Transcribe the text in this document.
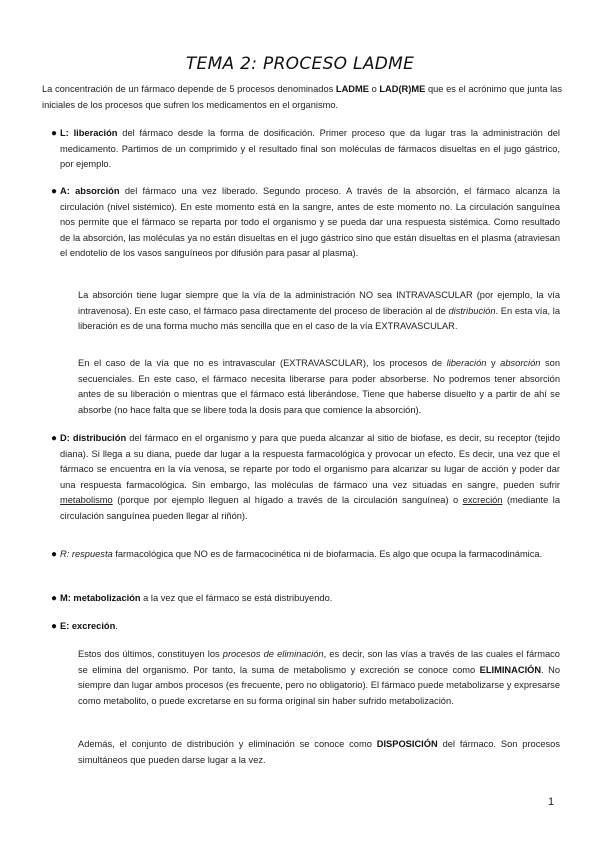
TEMA 2: PROCESO LADME

La concentración de un fármaco depende de 5 procesos denominados LADME o LAD(R)ME que es el acrónimo que junta las iniciales de los procesos que sufren los medicamentos en el organismo.

● L: liberación del fármaco desde la forma de dosificación. Primer proceso que da lugar tras la administración del medicamento. Partimos de un comprimido y el resultado final son moléculas de fármacos disueltas en el jugo gástrico, por ejemplo.

● A: absorción del fármaco una vez liberado. Segundo proceso. A través de la absorción, el fármaco alcanza la circulación (nivel sistémico). En este momento está en la sangre, antes de este momento no. La circulación sanguínea nos permite que el fármaco se reparta por todo el organismo y se pueda dar una respuesta sistémica. Como resultado de la absorción, las moléculas ya no están disueltas en el jugo gástrico sino que están disueltas en el plasma (atraviesan el endotelio de los vasos sanguíneos por difusión para pasar al plasma).

La absorción tiene lugar siempre que la vía de la administración NO sea INTRAVASCULAR (por ejemplo, la vía intravenosa). En este caso, el fármaco pasa directamente del proceso de liberación al de distribución. En esta vía, la liberación es de una forma mucho más sencilla que en el caso de la vía EXTRAVASCULAR.

En el caso de la vía que no es intravascular (EXTRAVASCULAR), los procesos de liberación y absorción son secuenciales. En este caso, el fármaco necesita liberarse para poder absorberse. No podremos tener absorción antes de su liberación o mientras que el fármaco está liberándose. Tiene que haberse disuelto y a partir de ahí se absorbe (no hace falta que se libere toda la dosis para que comience la absorción).

● D: distribución del fármaco en el organismo y para que pueda alcanzar al sitio de biofase, es decir, su receptor (tejido diana). Si llega a su diana, puede dar lugar a la respuesta farmacológica y provocar un efecto. Es decir, una vez que el fármaco se encuentra en la vía venosa, se reparte por todo el organismo para alcanzar su lugar de acción y poder dar una respuesta farmacológica. Sin embargo, las moléculas de fármaco una vez situadas en sangre, pueden sufrir metabolismo (porque por ejemplo lleguen al hígado a través de la circulación sanguínea) o excreción (mediante la circulación sanguínea pueden llegar al riñón).

● R: respuesta farmacológica que NO es de farmacocinética ni de biofarmacia. Es algo que ocupa la farmacodinámica.

● M: metabolización a la vez que el fármaco se está distribuyendo.

● E: excreción.

Estos dos últimos, constituyen los procesos de eliminación, es decir, son las vías a través de las cuales el fármaco se elimina del organismo. Por tanto, la suma de metabolismo y excreción se conoce como ELIMINACIÓN. No siempre dan lugar ambos procesos (es frecuente, pero no obligatorio). El fármaco puede metabolizarse y expresarse como metabolito, o puede excretarse en su forma original sin haber sufrido metabolización.

Además, el conjunto de distribución y eliminación se conoce como DISPOSICIÓN del fármaco. Son procesos simultáneos que pueden darse lugar a la vez.

1
